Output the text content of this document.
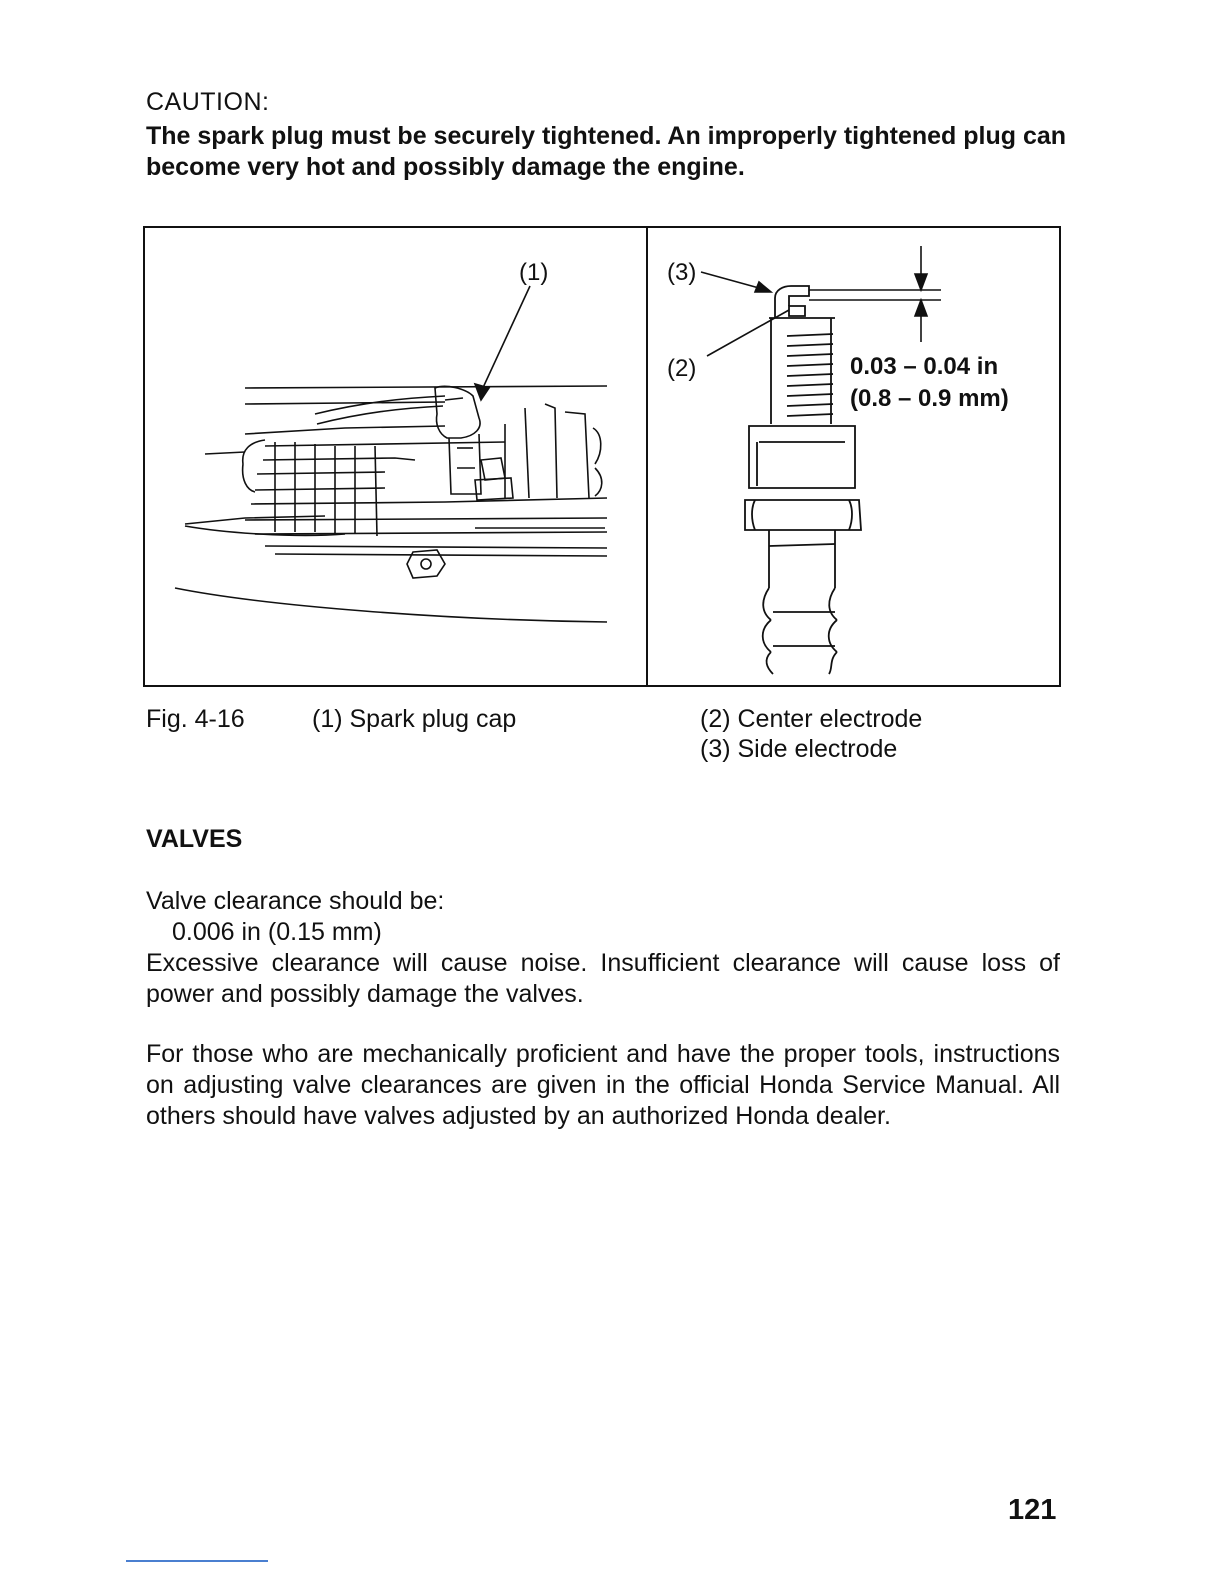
CAUTION:
The spark plug must be securely tightened. An improperly tightened plug can become very hot and possibly damage the engine.
(1)	(3)
(2)	0.03 – 0.04 in
(0.8 – 0.9 mm)
Fig. 4-16	(1) Spark plug cap	(2) Center electrode
(3) Side electrode
VALVES
Valve clearance should be:
0.006 in (0.15 mm)
Excessive clearance will cause noise. Insufficient clearance will cause loss of power and possibly damage the valves.
For those who are mechanically proficient and have the proper tools, instructions on adjusting valve clearances are given in the official Honda Service Manual. All others should have valves adjusted by an authorized Honda dealer.
121
